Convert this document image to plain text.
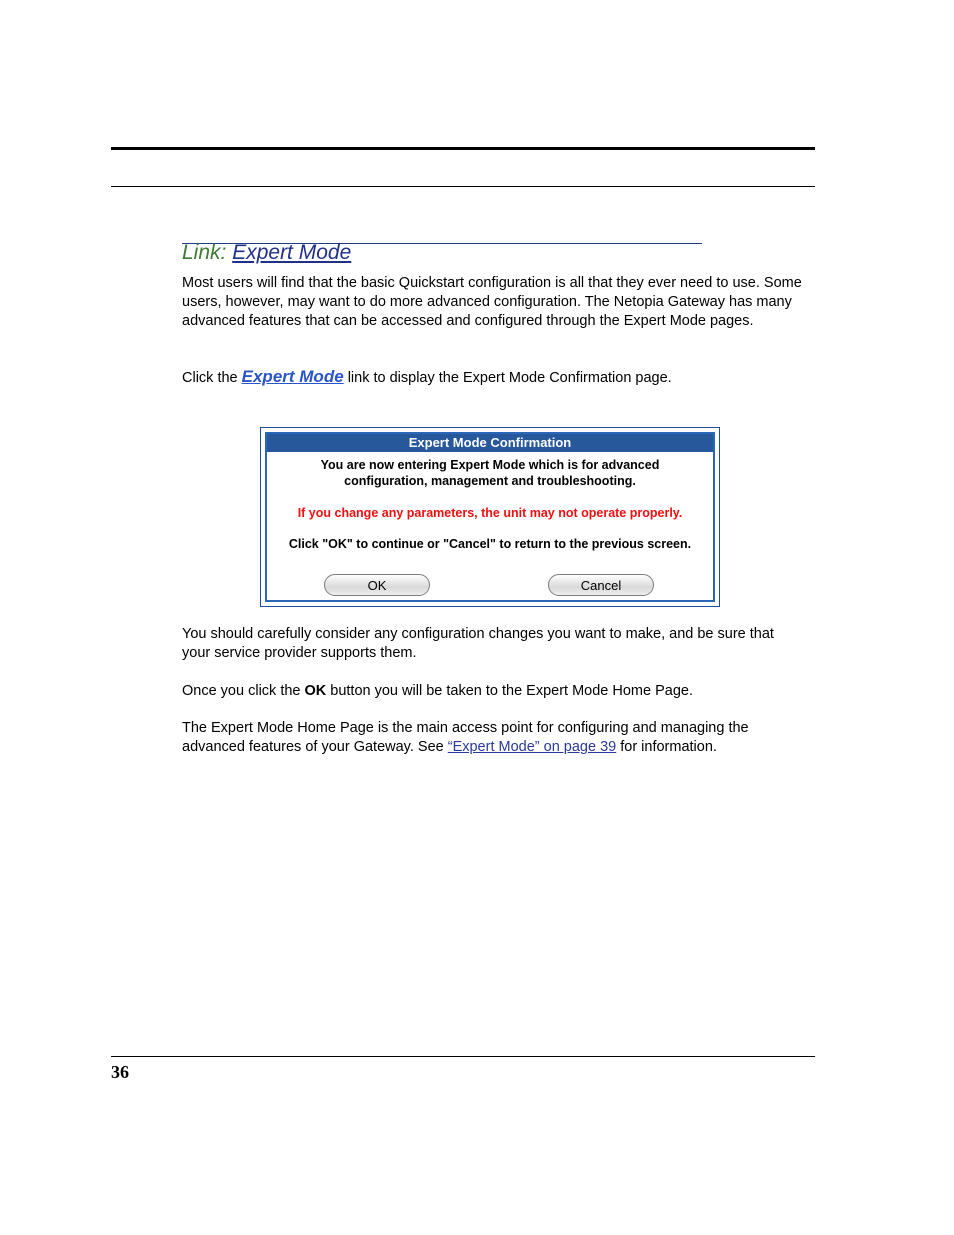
Link: Expert Mode
Most users will find that the basic Quickstart configuration is all that they ever need to use. Some users, however, may want to do more advanced configuration. The Netopia Gateway has many advanced features that can be accessed and configured through the Expert Mode pages.
Click the Expert Mode link to display the Expert Mode Confirmation page.
Expert Mode Confirmation
You are now entering Expert Mode which is for advanced
configuration, management and troubleshooting.
If you change any parameters, the unit may not operate properly.
Click "OK" to continue or "Cancel" to return to the previous screen.
OK	Cancel
You should carefully consider any configuration changes you want to make, and be sure that your service provider supports them.
Once you click the OK button you will be taken to the Expert Mode Home Page.
The Expert Mode Home Page is the main access point for configuring and managing the advanced features of your Gateway. See “Expert Mode” on page 39 for information.
36
